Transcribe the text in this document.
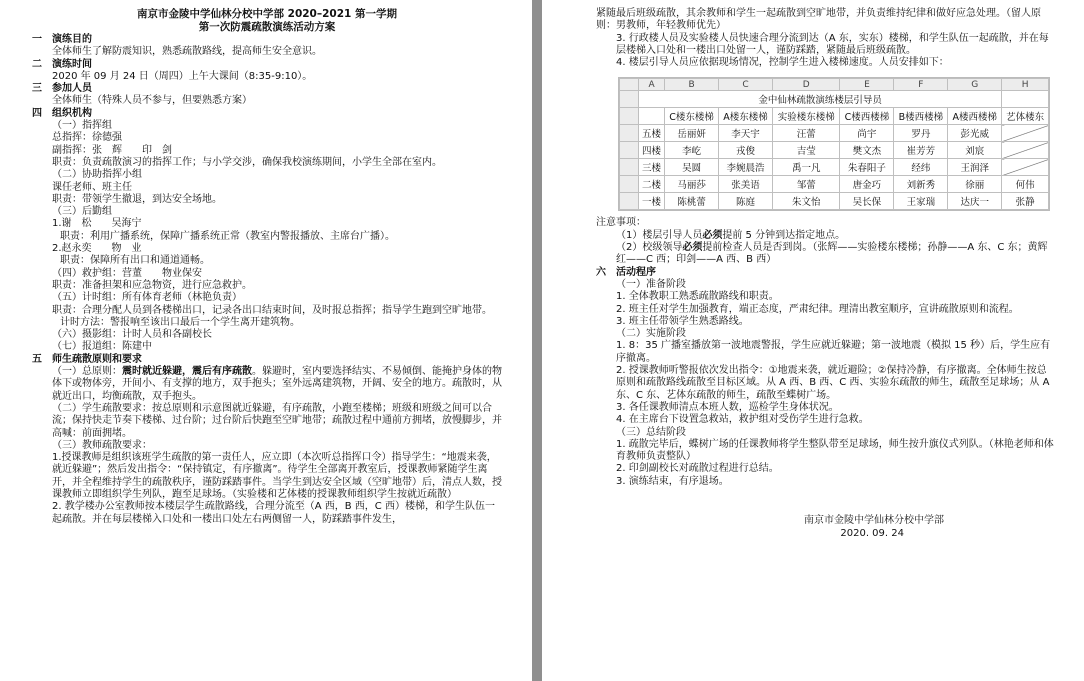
南京市金陵中学仙林分校中学部 2020–2021 第一学期
第一次防震疏散演练活动方案
一　演练目的
全体师生了解防震知识，熟悉疏散路线，提高师生安全意识。
二　演练时间
2020 年 09 月 24 日（周四）上午大课间（8:35-9:10）。
三　参加人员
全体师生（特殊人员不参与，但要熟悉方案）
四　组织机构
（一）指挥组
总指挥：徐德强
副指挥：张　辉　　印　剑
职责：负责疏散演习的指挥工作；与小学交涉，确保我校演练期间，小学生全部在室内。
（二）协助指挥小组
课任老师、班主任
职责：带领学生撤退，到达安全场地。
（三）后勤组
1.谢　松　　吴海宁
职责：利用广播系统，保障广播系统正常（教室内警报播放、主席台广播）。
2.赵永奕　　物　业
职责：保障所有出口和通道通畅。
（四）救护组：营董　　物业保安
职责：准备担架和应急物资，进行应急救护。
（五）计时组：所有体育老师（林艳负责）
职责：合理分配人员到各楼梯出口，记录各出口结束时间，及时报总指挥；指导学生跑到空旷地带。
计时方法：警报响至该出口最后一个学生离开建筑物。
（六）摄影组：计时人员和各副校长
（七）报道组：陈建中
五　师生疏散原则和要求
（一）总原则：震时就近躲避，震后有序疏散。躲避时，室内要选择结实、不易倾倒、能掩护身体的物体下或物体旁，开间小、有支撑的地方，双手抱头；室外远离建筑物，开阔、安全的地方。疏散时，从就近出口，均衡疏散，双手抱头。
（二）学生疏散要求：按总原则和示意图就近躲避，有序疏散，小跑至楼梯；班级和班级之间可以合流；保持快走节奏下楼梯、过台阶；过台阶后快跑至空旷地带；疏散过程中通前方拥堵，放慢脚步，并高喊：前面拥堵。
（三）教师疏散要求：
1.授课教师是组织该班学生疏散的第一责任人，应立即（本次听总指挥口令）指导学生：“地震来袭，就近躲避”；然后发出指令：“保持镇定，有序撤离”。待学生全部离开教室后，授课教师紧随学生离开，并全程维持学生的疏散秩序，谨防踩踏事件。当学生到达安全区域（空旷地带）后，清点人数，授课教师立即组织学生列队，跑至足球场。（实验楼和艺体楼的授课教师组织学生按就近疏散）
2. 教学楼办公室教师按本楼层学生疏散路线，合理分流至（A 西，B 西，C 西）楼梯，和学生队伍一起疏散。并在每层楼梯入口处和一楼出口处左右两侧留一人，防踩踏事件发生，
紧随最后班级疏散，其余教师和学生一起疏散到空旷地带，并负责维持纪律和做好应急处理。（留人原则：男教师，年轻教师优先）
3. 行政楼人员及实验楼人员快速合理分流到达（A 东，实东）楼梯，和学生队伍一起疏散，并在每层楼梯入口处和一楼出口处留一人，谨防踩踏，紧随最后班级疏散。
4. 楼层引导人员应依据现场情况，控制学生进入楼梯速度。人员安排如下：
	A	B	C	D	E	F	G	H
	金中仙林疏散演练楼层引导员							
		C楼东楼梯	A楼东楼梯	实验楼东楼梯	C楼西楼梯	B楼西楼梯	A楼西楼梯	艺体楼东
	五楼	岳丽妍	李天宇	汪蕾	尚宇	罗丹	彭光威	
	四楼	李屹	戎俊	吉莹	樊文杰	崔芳芳	刘宸	
	三楼	吴圆	李婉晨浩	禹一凡	朱春阳子	经纬	王润泽	
	二楼	马丽莎	张美语	邹蕾	唐金巧	刘新秀	徐丽	何伟
	一楼	陈桃蕾	陈庭	朱文怡	吴长保	王家瑞	达庆一	张静
注意事项：
（1）楼层引导人员必须提前 5 分钟到达指定地点。
（2）校级领导必须提前检查人员是否到岗。（张辉——实验楼东楼梯；孙静——A 东、C 东；黄辉红——C 西；印剑——A 西、B 西）
六　活动程序
（一）准备阶段
1. 全体教职工熟悉疏散路线和职责。
2. 班主任对学生加强教育，端正态度，严肃纪律。理清出教室顺序，宣讲疏散原则和流程。
3. 班主任带领学生熟悉路线。
（二）实施阶段
1. 8：35 广播室播放第一波地震警报，学生应就近躲避；第一波地震（模拟 15 秒）后，学生应有序撤离。
2. 授课教师听警报依次发出指令：①地震来袭，就近避险；②保持冷静，有序撤离。全体师生按总原则和疏散路线疏散至目标区域。从 A 西、B 西、C 西、实验东疏散的师生，疏散至足球场；从 A 东、C 东、艺体东疏散的师生，疏散至蝶树广场。
3. 各任课教师清点本班人数，巡检学生身体状况。
4. 在主席台下设置急救站，救护组对受伤学生进行急救。
（三）总结阶段
1. 疏散完毕后，蝶树广场的任课教师将学生整队带至足球场，师生按升旗仪式列队。（林艳老师和体育教师负责整队）
2. 印剑副校长对疏散过程进行总结。
3. 演练结束，有序退场。
南京市金陵中学仙林分校中学部
2020. 09. 24
